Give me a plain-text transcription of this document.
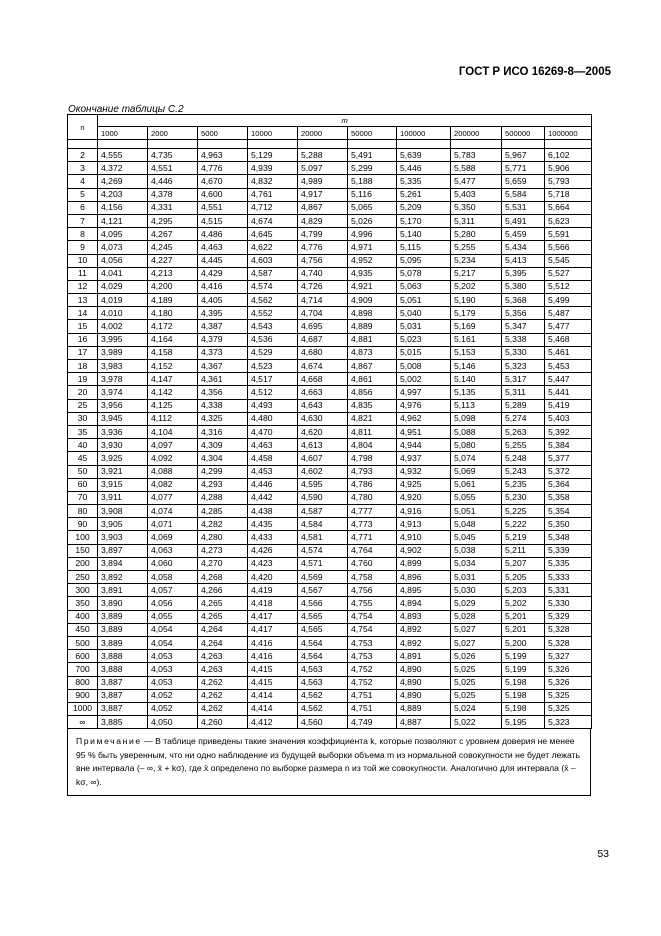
ГОСТ Р ИСО 16269-8—2005
Окончание таблицы С.2
n	m									
	1000	2000	5000	10000	20000	50000	100000	200000	500000	1000000

2	4,555	4,735	4,963	5,129	5,288	5,491	5,639	5,783	5,967	6,102
3	4,372	4,551	4,776	4,939	5,097	5,299	5,446	5,588	5,771	5,906
4	4,269	4,446	4,670	4,832	4,989	5,188	5,335	5,477	5,659	5,793
5	4,203	4,378	4,600	4,761	4,917	5,116	5,261	5,403	5,584	5,718
6	4,156	4,331	4,551	4,712	4,867	5,065	5,209	5,350	5,531	5,664
7	4,121	4,295	4,515	4,674	4,829	5,026	5,170	5,311	5,491	5,623
8	4,095	4,267	4,486	4,645	4,799	4,996	5,140	5,280	5,459	5,591
9	4,073	4,245	4,463	4,622	4,776	4,971	5,115	5,255	5,434	5,566
10	4,056	4,227	4,445	4,603	4,756	4,952	5,095	5,234	5,413	5,545
11	4,041	4,213	4,429	4,587	4,740	4,935	5,078	5,217	5,395	5,527
12	4,029	4,200	4,416	4,574	4,726	4,921	5,063	5,202	5,380	5,512
13	4,019	4,189	4,405	4,562	4,714	4,909	5,051	5,190	5,368	5,499
14	4,010	4,180	4,395	4,552	4,704	4,898	5,040	5,179	5,356	5,487
15	4,002	4,172	4,387	4,543	4,695	4,889	5,031	5,169	5,347	5,477
16	3,995	4,164	4,379	4,536	4,687	4,881	5,023	5,161	5,338	5,468
17	3,989	4,158	4,373	4,529	4,680	4,873	5,015	5,153	5,330	5,461
18	3,983	4,152	4,367	4,523	4,674	4,867	5,008	5,146	5,323	5,453
19	3,978	4,147	4,361	4,517	4,668	4,861	5,002	5,140	5,317	5,447
20	3,974	4,142	4,356	4,512	4,663	4,856	4,997	5,135	5,311	5,441
25	3,956	4,125	4,338	4,493	4,643	4,835	4,976	5,113	5,289	5,419
30	3,945	4,112	4,325	4,480	4,630	4,821	4,962	5,098	5,274	5,403
35	3,936	4,104	4,316	4,470	4,620	4,811	4,951	5,088	5,263	5,392
40	3,930	4,097	4,309	4,463	4,613	4,804	4,944	5,080	5,255	5,384
45	3,925	4,092	4,304	4,458	4,607	4,798	4,937	5,074	5,248	5,377
50	3,921	4,088	4,299	4,453	4,602	4,793	4,932	5,069	5,243	5,372
60	3,915	4,082	4,293	4,446	4,595	4,786	4,925	5,061	5,235	5,364
70	3,911	4,077	4,288	4,442	4,590	4,780	4,920	5,055	5,230	5,358
80	3,908	4,074	4,285	4,438	4,587	4,777	4,916	5,051	5,225	5,354
90	3,905	4,071	4,282	4,435	4,584	4,773	4,913	5,048	5,222	5,350
100	3,903	4,069	4,280	4,433	4,581	4,771	4,910	5,045	5,219	5,348
150	3,897	4,063	4,273	4,426	4,574	4,764	4,902	5,038	5,211	5,339
200	3,894	4,060	4,270	4,423	4,571	4,760	4,899	5,034	5,207	5,335
250	3,892	4,058	4,268	4,420	4,569	4,758	4,896	5,031	5,205	5,333
300	3,891	4,057	4,266	4,419	4,567	4,756	4,895	5,030	5,203	5,331
350	3,890	4,056	4,265	4,418	4,566	4,755	4,894	5,029	5,202	5,330
400	3,889	4,055	4,265	4,417	4,565	4,754	4,893	5,028	5,201	5,329
450	3,889	4,054	4,264	4,417	4,565	4,754	4,892	5,027	5,201	5,328
500	3,889	4,054	4,264	4,416	4,564	4,753	4,892	5,027	5,200	5,328
600	3,888	4,053	4,263	4,416	4,564	4,753	4,891	5,026	5,199	5,327
700	3,888	4,053	4,263	4,415	4,563	4,752	4,890	5,025	5,199	5,326
800	3,887	4,053	4,262	4,415	4,563	4,752	4,890	5,025	5,198	5,326
900	3,887	4,052	4,262	4,414	4,562	4,751	4,890	5,025	5,198	5,325
1000	3,887	4,052	4,262	4,414	4,562	4,751	4,889	5,024	5,198	5,325
∞	3,885	4,050	4,260	4,412	4,560	4,749	4,887	5,022	5,195	5,323
Примечание — В таблице приведены такие значения коэффициента k, которые позволяют с уровнем доверия не менее 95 % быть уверенным, что ни одно наблюдение из будущей выборки объема m из нормальной совокупности не будет лежать вне интервала (– ∞, x̄ + kσ), где x̄ определено по выборке размера n из той же совокупности. Аналогично для интервала (x̄ – kσ, ∞).
53
